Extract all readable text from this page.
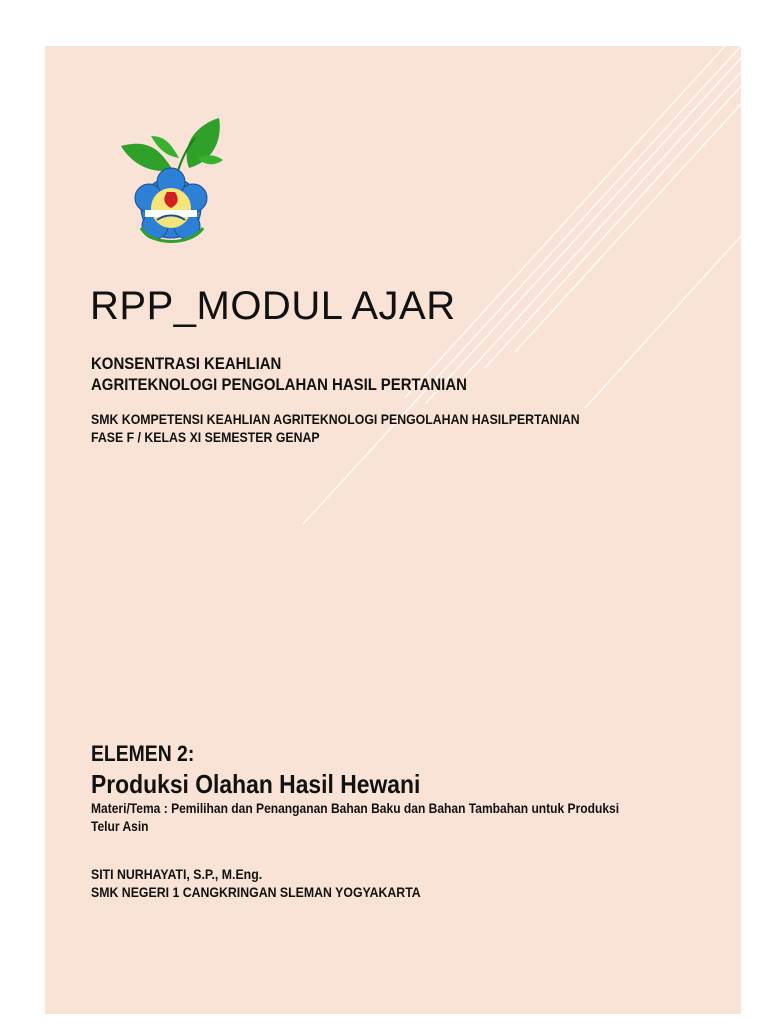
RPP_MODUL AJAR
KONSENTRASI KEAHLIAN
AGRITEKNOLOGI PENGOLAHAN HASIL PERTANIAN
SMK KOMPETENSI KEAHLIAN AGRITEKNOLOGI PENGOLAHAN HASILPERTANIAN
FASE F / KELAS XI SEMESTER GENAP
ELEMEN 2:
Produksi Olahan Hasil Hewani
Materi/Tema : Pemilihan dan Penanganan Bahan Baku dan Bahan Tambahan untuk Produksi
Telur Asin
SITI NURHAYATI, S.P., M.Eng.
SMK NEGERI 1 CANGKRINGAN SLEMAN YOGYAKARTA
